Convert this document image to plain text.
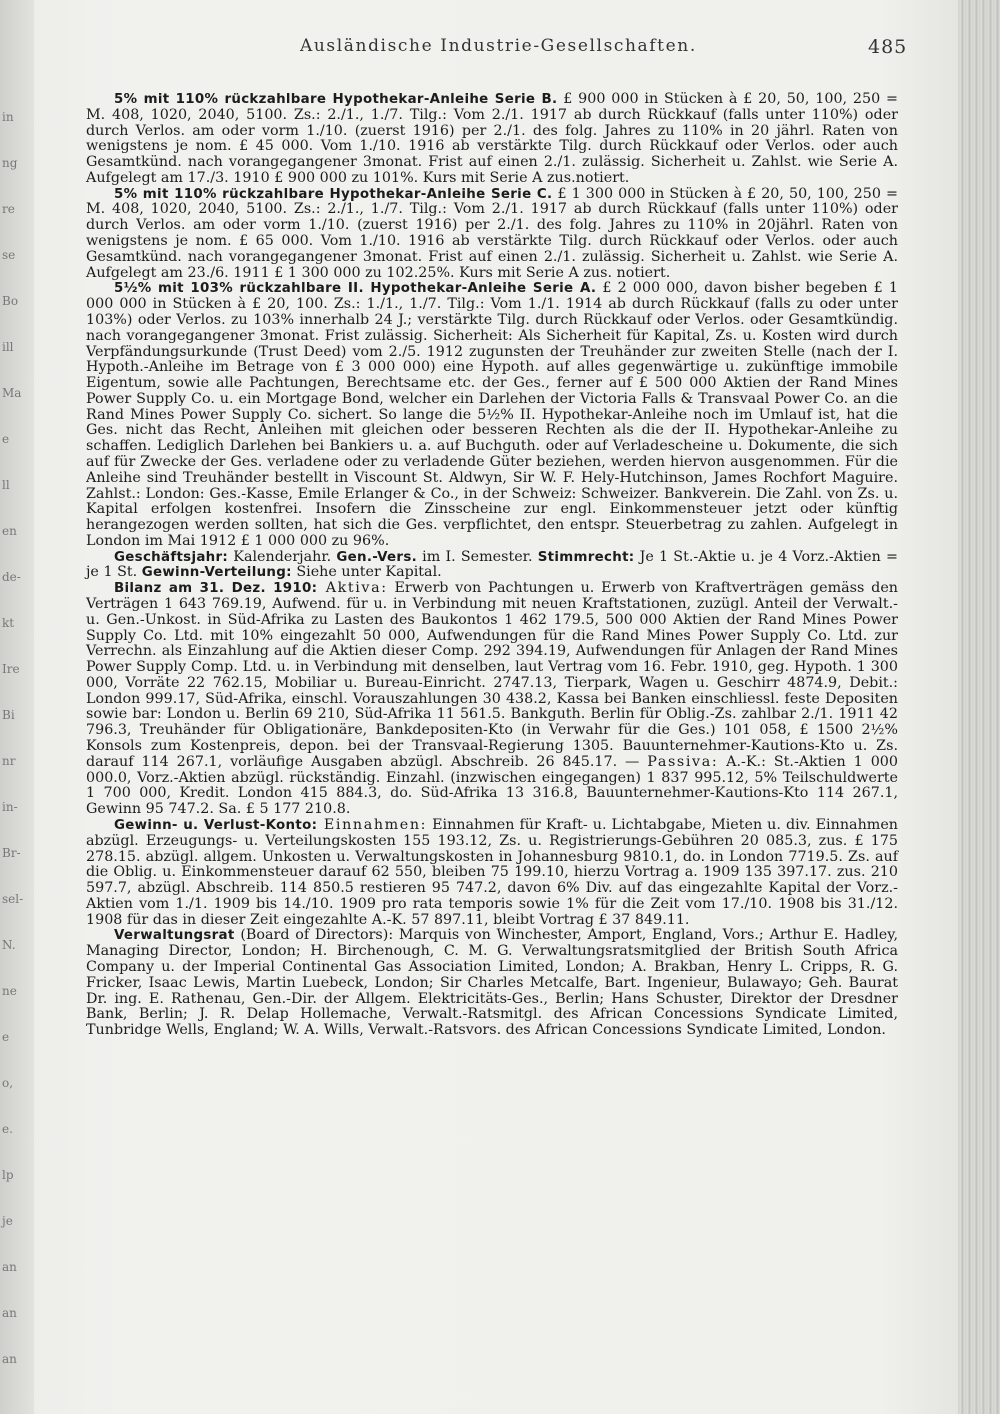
in
ng
re
se
Bo
ill
Ma
e
ll
en
de-
kt
Ire
Bi
nr
in-
Br-
sel-
N.
ne
e
o,
e.
lp
je
an
an
an
Ausländische Industrie-Gesellschaften.	485

5% mit 110% rückzahlbare Hypothekar-Anleihe Serie B. £ 900 000 in Stücken à £ 20, 50, 100, 250 = M. 408, 1020, 2040, 5100. Zs.: 2./1., 1./7. Tilg.: Vom 2./1. 1917 ab durch Rückkauf (falls unter 110%) oder durch Verlos. am oder vorm 1./10. (zuerst 1916) per 2./1. des folg. Jahres zu 110% in 20 jährl. Raten von wenigstens je nom. £ 45 000. Vom 1./10. 1916 ab verstärkte Tilg. durch Rückkauf oder Verlos. oder auch Gesamtkünd. nach vorangegangener 3monat. Frist auf einen 2./1. zulässig. Sicherheit u. Zahlst. wie Serie A. Aufgelegt am 17./3. 1910 £ 900 000 zu 101%. Kurs mit Serie A zus.notiert.

5% mit 110% rückzahlbare Hypothekar-Anleihe Serie C. £ 1 300 000 in Stücken à £ 20, 50, 100, 250 = M. 408, 1020, 2040, 5100. Zs.: 2./1., 1./7. Tilg.: Vom 2./1. 1917 ab durch Rückkauf (falls unter 110%) oder durch Verlos. am oder vorm 1./10. (zuerst 1916) per 2./1. des folg. Jahres zu 110% in 20jährl. Raten von wenigstens je nom. £ 65 000. Vom 1./10. 1916 ab verstärkte Tilg. durch Rückkauf oder Verlos. oder auch Gesamtkünd. nach vorangegangener 3monat. Frist auf einen 2./1. zulässig. Sicherheit u. Zahlst. wie Serie A. Aufgelegt am 23./6. 1911 £ 1 300 000 zu 102.25%. Kurs mit Serie A zus. notiert.

5½% mit 103% rückzahlbare II. Hypothekar-Anleihe Serie A. £ 2 000 000, davon bisher begeben £ 1 000 000 in Stücken à £ 20, 100. Zs.: 1./1., 1./7. Tilg.: Vom 1./1. 1914 ab durch Rückkauf (falls zu oder unter 103%) oder Verlos. zu 103% innerhalb 24 J.; verstärkte Tilg. durch Rückkauf oder Verlos. oder Gesamtkündig. nach vorangegangener 3monat. Frist zulässig. Sicherheit: Als Sicherheit für Kapital, Zs. u. Kosten wird durch Verpfändungsurkunde (Trust Deed) vom 2./5. 1912 zugunsten der Treuhänder zur zweiten Stelle (nach der I. Hypoth.-Anleihe im Betrage von £ 3 000 000) eine Hypoth. auf alles gegenwärtige u. zukünftige immobile Eigentum, sowie alle Pachtungen, Berechtsame etc. der Ges., ferner auf £ 500 000 Aktien der Rand Mines Power Supply Co. u. ein Mortgage Bond, welcher ein Darlehen der Victoria Falls & Transvaal Power Co. an die Rand Mines Power Supply Co. sichert. So lange die 5½% II. Hypothekar-Anleihe noch im Umlauf ist, hat die Ges. nicht das Recht, Anleihen mit gleichen oder besseren Rechten als die der II. Hypothekar-Anleihe zu schaffen. Lediglich Darlehen bei Bankiers u. a. auf Buchguth. oder auf Verladescheine u. Dokumente, die sich auf für Zwecke der Ges. verladene oder zu verladende Güter beziehen, werden hiervon ausgenommen. Für die Anleihe sind Treuhänder bestellt in Viscount St. Aldwyn, Sir W. F. Hely-Hutchinson, James Rochfort Maguire. Zahlst.: London: Ges.-Kasse, Emile Erlanger & Co., in der Schweiz: Schweizer. Bankverein. Die Zahl. von Zs. u. Kapital erfolgen kostenfrei. Insofern die Zinsscheine zur engl. Einkommensteuer jetzt oder künftig herangezogen werden sollten, hat sich die Ges. verpflichtet, den entspr. Steuerbetrag zu zahlen. Aufgelegt in London im Mai 1912 £ 1 000 000 zu 96%.

Geschäftsjahr: Kalenderjahr. Gen.-Vers. im I. Semester. Stimmrecht: Je 1 St.-Aktie u. je 4 Vorz.-Aktien = je 1 St. Gewinn-Verteilung: Siehe unter Kapital.

Bilanz am 31. Dez. 1910: Aktiva: Erwerb von Pachtungen u. Erwerb von Kraftverträgen gemäss den Verträgen 1 643 769.19, Aufwend. für u. in Verbindung mit neuen Kraftstationen, zuzügl. Anteil der Verwalt.- u. Gen.-Unkost. in Süd-Afrika zu Lasten des Baukontos 1 462 179.5, 500 000 Aktien der Rand Mines Power Supply Co. Ltd. mit 10% eingezahlt 50 000, Aufwendungen für die Rand Mines Power Supply Co. Ltd. zur Verrechn. als Einzahlung auf die Aktien dieser Comp. 292 394.19, Aufwendungen für Anlagen der Rand Mines Power Supply Comp. Ltd. u. in Verbindung mit denselben, laut Vertrag vom 16. Febr. 1910, geg. Hypoth. 1 300 000, Vorräte 22 762.15, Mobiliar u. Bureau-Einricht. 2747.13, Tierpark, Wagen u. Geschirr 4874.9, Debit.: London 999.17, Süd-Afrika, einschl. Vorauszahlungen 30 438.2, Kassa bei Banken einschliessl. feste Depositen sowie bar: London u. Berlin 69 210, Süd-Afrika 11 561.5. Bankguth. Berlin für Oblig.-Zs. zahlbar 2./1. 1911 42 796.3, Treuhänder für Obligationäre, Bankdepositen-Kto (in Verwahr für die Ges.) 101 058, £ 1500 2½% Konsols zum Kostenpreis, depon. bei der Transvaal-Regierung 1305. Bauunternehmer-Kautions-Kto u. Zs. darauf 114 267.1, vorläufige Ausgaben abzügl. Abschreib. 26 845.17. — Passiva: A.-K.: St.-Aktien 1 000 000.0, Vorz.-Aktien abzügl. rückständig. Einzahl. (inzwischen eingegangen) 1 837 995.12, 5% Teilschuldwerte 1 700 000, Kredit. London 415 884.3, do. Süd-Afrika 13 316.8, Bauunternehmer-Kautions-Kto 114 267.1, Gewinn 95 747.2. Sa. £ 5 177 210.8.

Gewinn- u. Verlust-Konto: Einnahmen: Einnahmen für Kraft- u. Lichtabgabe, Mieten u. div. Einnahmen abzügl. Erzeugungs- u. Verteilungskosten 155 193.12, Zs. u. Registrierungs-Gebühren 20 085.3, zus. £ 175 278.15. abzügl. allgem. Unkosten u. Verwaltungskosten in Johannesburg 9810.1, do. in London 7719.5. Zs. auf die Oblig. u. Einkommensteuer darauf 62 550, bleiben 75 199.10, hierzu Vortrag a. 1909 135 397.17. zus. 210 597.7, abzügl. Abschreib. 114 850.5 restieren 95 747.2, davon 6% Div. auf das eingezahlte Kapital der Vorz.-Aktien vom 1./1. 1909 bis 14./10. 1909 pro rata temporis sowie 1% für die Zeit vom 17./10. 1908 bis 31./12. 1908 für das in dieser Zeit eingezahlte A.-K. 57 897.11, bleibt Vortrag £ 37 849.11.

Verwaltungsrat (Board of Directors): Marquis von Winchester, Amport, England, Vors.; Arthur E. Hadley, Managing Director, London; H. Birchenough, C. M. G. Verwaltungsratsmitglied der British South Africa Company u. der Imperial Continental Gas Association Limited, London; A. Brakban, Henry L. Cripps, R. G. Fricker, Isaac Lewis, Martin Luebeck, London; Sir Charles Metcalfe, Bart. Ingenieur, Bulawayo; Geh. Baurat Dr. ing. E. Rathenau, Gen.-Dir. der Allgem. Elektricitäts-Ges., Berlin; Hans Schuster, Direktor der Dresdner Bank, Berlin; J. R. Delap Hollemache, Verwalt.-Ratsmitgl. des African Concessions Syndicate Limited, Tunbridge Wells, England; W. A. Wills, Verwalt.-Ratsvors. des African Concessions Syndicate Limited, London.
